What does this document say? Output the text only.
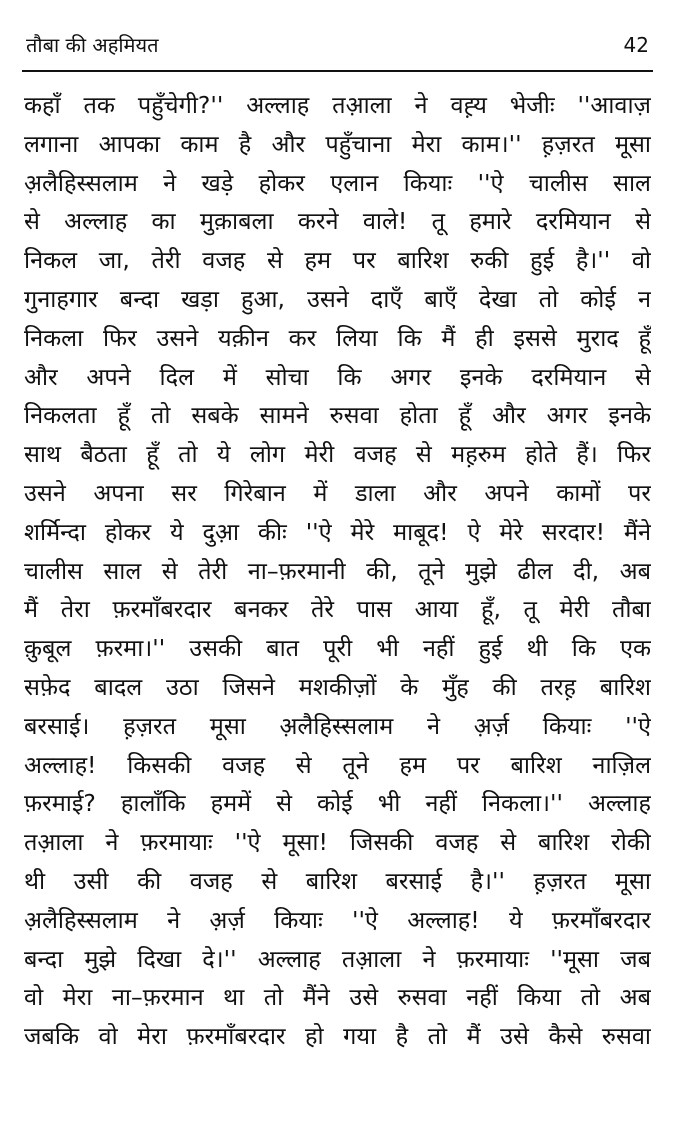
तौबा की अहमियत	42
कहाँ तक पहुँचेगी?'' अल्लाह तआ़ला ने वह़्य भेजीः ''आवाज़
लगाना आपका काम है और पहुँचाना मेरा काम।'' ह़ज़रत मूसा
अ़लैहिस्सलाम ने खड़े होकर एलान कियाः ''ऐ चालीस साल
से अल्लाह का मुक़ाबला करने वाले! तू हमारे दरमियान से
निकल जा, तेरी वजह से हम पर बारिश रुकी हुई है।'' वो
गुनाहगार बन्दा खड़ा हुआ, उसने दाएँ बाएँ देखा तो कोई न
निकला फिर उसने यक़ीन कर लिया कि मैं ही इससे मुराद हूँ
और अपने दिल में सोचा कि अगर इनके दरमियान से
निकलता हूँ तो सबके सामने रुसवा होता हूँ और अगर इनके
साथ बैठता हूँ तो ये लोग मेरी वजह से मह़रुम होते हैं। फिर
उसने अपना सर गिरेबान में डाला और अपने कामों पर
शर्मिन्दा होकर ये दुआ़ कीः ''ऐ मेरे माबूद! ऐ मेरे सरदार! मैंने
चालीस साल से तेरी ना–फ़रमानी की, तूने मुझे ढील दी, अब
मैं तेरा फ़रमाँबरदार बनकर तेरे पास आया हूँ, तू मेरी तौबा
क़ुबूल फ़रमा।'' उसकी बात पूरी भी नहीं हुई थी कि एक
सफ़ेद बादल उठा जिसने मशकीज़ों के मुँह की तरह़ बारिश
बरसाई। ह़ज़रत मूसा अ़लैहिस्सलाम ने अ़र्ज़ कियाः ''ऐ
अल्लाह! किसकी वजह से तूने हम पर बारिश नाज़िल
फ़रमाई? हालाँकि हममें से कोई भी नहीं निकला।'' अल्लाह
तआ़ला ने फ़रमायाः ''ऐ मूसा! जिसकी वजह से बारिश रोकी
थी उसी की वजह से बारिश बरसाई है।'' ह़ज़रत मूसा
अ़लैहिस्सलाम ने अ़र्ज़ कियाः ''ऐ अल्लाह! ये फ़रमाँबरदार
बन्दा मुझे दिखा दे।'' अल्लाह तआ़ला ने फ़रमायाः ''मूसा जब
वो मेरा ना–फ़रमान था तो मैंने उसे रुसवा नहीं किया तो अब
जबकि वो मेरा फ़रमाँबरदार हो गया है तो मैं उसे कैसे रुसवा
